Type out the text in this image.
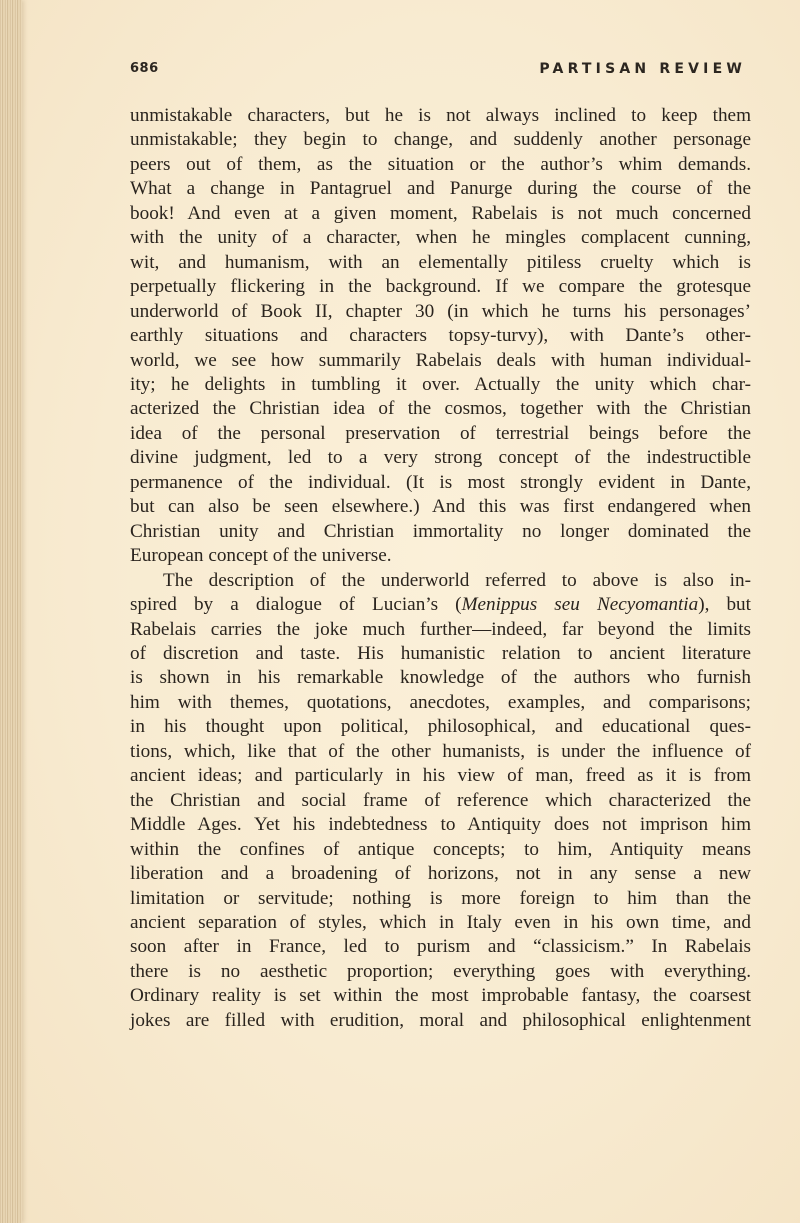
686	PARTISAN REVIEW
unmistakable characters, but he is not always inclined to keep them
unmistakable; they begin to change, and suddenly another personage
peers out of them, as the situation or the author’s whim demands.
What a change in Pantagruel and Panurge during the course of the
book! And even at a given moment, Rabelais is not much concerned
with the unity of a character, when he mingles complacent cunning,
wit, and humanism, with an elementally pitiless cruelty which is
perpetually flickering in the background. If we compare the grotesque
underworld of Book II, chapter 30 (in which he turns his personages’
earthly situations and characters topsy-turvy), with Dante’s other-
world, we see how summarily Rabelais deals with human individual-
ity; he delights in tumbling it over. Actually the unity which char-
acterized the Christian idea of the cosmos, together with the Christian
idea of the personal preservation of terrestrial beings before the
divine judgment, led to a very strong concept of the indestructible
permanence of the individual. (It is most strongly evident in Dante,
but can also be seen elsewhere.) And this was first endangered when
Christian unity and Christian immortality no longer dominated the
European concept of the universe.
The description of the underworld referred to above is also in-
spired by a dialogue of Lucian’s (Menippus seu Necyomantia), but
Rabelais carries the joke much further—indeed, far beyond the limits
of discretion and taste. His humanistic relation to ancient literature
is shown in his remarkable knowledge of the authors who furnish
him with themes, quotations, anecdotes, examples, and comparisons;
in his thought upon political, philosophical, and educational ques-
tions, which, like that of the other humanists, is under the influence of
ancient ideas; and particularly in his view of man, freed as it is from
the Christian and social frame of reference which characterized the
Middle Ages. Yet his indebtedness to Antiquity does not imprison him
within the confines of antique concepts; to him, Antiquity means
liberation and a broadening of horizons, not in any sense a new
limitation or servitude; nothing is more foreign to him than the
ancient separation of styles, which in Italy even in his own time, and
soon after in France, led to purism and “classicism.” In Rabelais
there is no aesthetic proportion; everything goes with everything.
Ordinary reality is set within the most improbable fantasy, the coarsest
jokes are filled with erudition, moral and philosophical enlightenment
